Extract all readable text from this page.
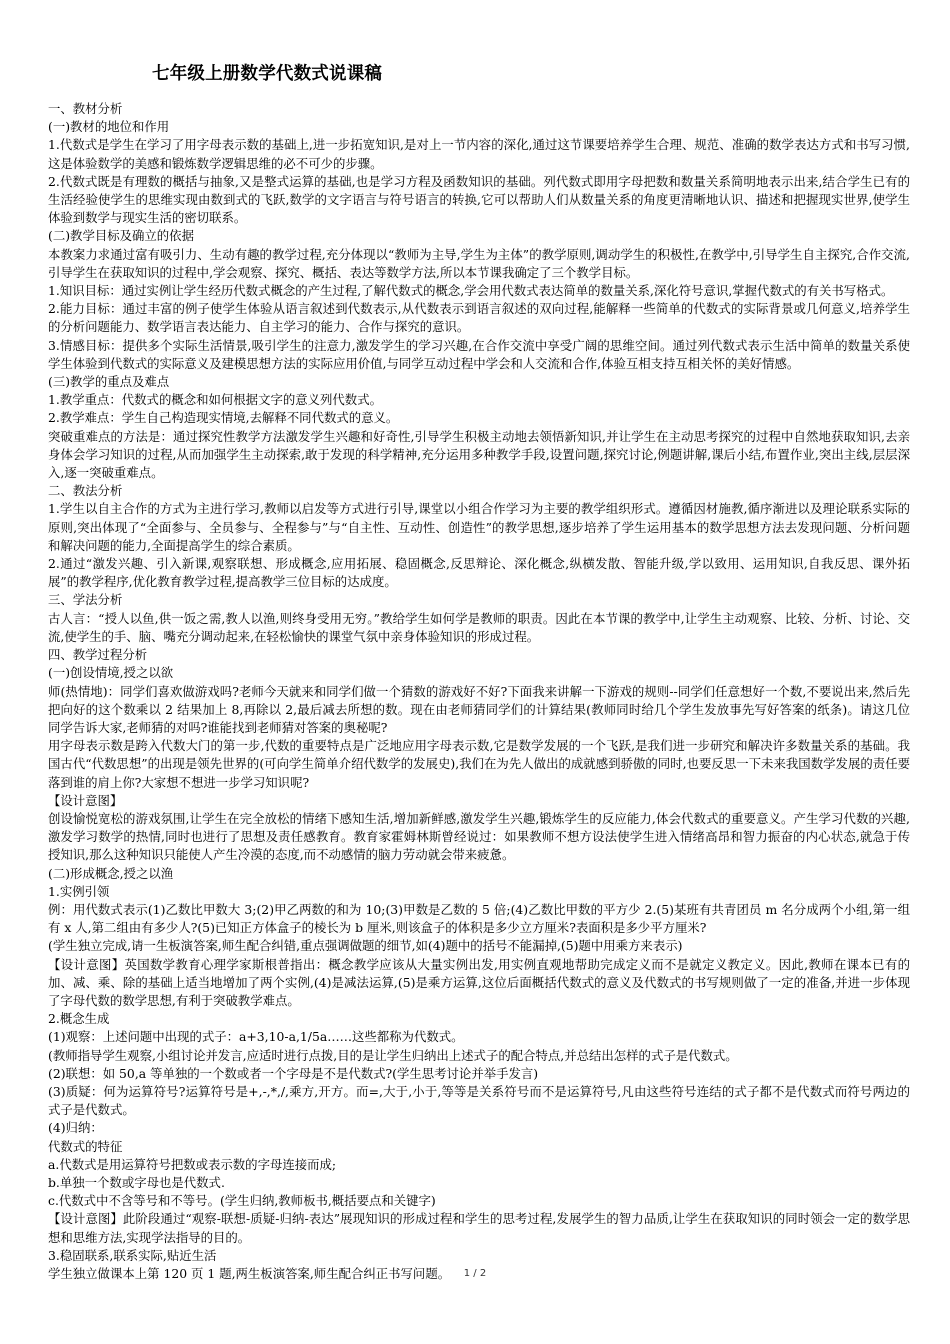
七年级上册数学代数式说课稿

一、教材分析

(一)教材的地位和作用

1.代数式是学生在学习了用字母表示数的基础上,进一步拓宽知识,是对上一节内容的深化,通过这节课要培养学生合理、规范、准确的数学表达方式和书写习惯,这是体验数学的美感和锻炼数学逻辑思维的必不可少的步骤。

2.代数式既是有理数的概括与抽象,又是整式运算的基础,也是学习方程及函数知识的基础。列代数式即用字母把数和数量关系简明地表示出来,结合学生已有的生活经验使学生的思维实现由数到式的飞跃,数学的文字语言与符号语言的转换,它可以帮助人们从数量关系的角度更清晰地认识、描述和把握现实世界,使学生体验到数学与现实生活的密切联系。

(二)教学目标及确立的依据

本教案力求通过富有吸引力、生动有趣的教学过程,充分体现以“教师为主导,学生为主体”的教学原则,调动学生的积极性,在教学中,引导学生自主探究,合作交流,引导学生在获取知识的过程中,学会观察、探究、概括、表达等数学方法,所以本节课我确定了三个教学目标。

1.知识目标：通过实例让学生经历代数式概念的产生过程,了解代数式的概念,学会用代数式表达简单的数量关系,深化符号意识,掌握代数式的有关书写格式。

2.能力目标：通过丰富的例子使学生体验从语言叙述到代数表示,从代数表示到语言叙述的双向过程,能解释一些简单的代数式的实际背景或几何意义,培养学生的分析问题能力、数学语言表达能力、自主学习的能力、合作与探究的意识。

3.情感目标：提供多个实际生活情景,吸引学生的注意力,激发学生的学习兴趣,在合作交流中享受广阔的思维空间。通过列代数式表示生活中简单的数量关系使学生体验到代数式的实际意义及建模思想方法的实际应用价值,与同学互动过程中学会和人交流和合作,体验互相支持互相关怀的美好情感。

(三)教学的重点及难点

1.教学重点：代数式的概念和如何根据文字的意义列代数式。

2.教学难点：学生自己构造现实情境,去解释不同代数式的意义。

突破重难点的方法是：通过探究性教学方法激发学生兴趣和好奇性,引导学生积极主动地去领悟新知识,并让学生在主动思考探究的过程中自然地获取知识,去亲身体会学习知识的过程,从而加强学生主动探索,敢于发现的科学精神,充分运用多种教学手段,设置问题,探究讨论,例题讲解,课后小结,布置作业,突出主线,层层深入,逐一突破重难点。

二、教法分析

1.学生以自主合作的方式为主进行学习,教师以启发等方式进行引导,课堂以小组合作学习为主要的教学组织形式。遵循因材施教,循序渐进以及理论联系实际的原则,突出体现了“全面参与、全员参与、全程参与”与“自主性、互动性、创造性”的教学思想,逐步培养了学生运用基本的数学思想方法去发现问题、分析问题和解决问题的能力,全面提高学生的综合素质。

2.通过“激发兴趣、引入新课,观察联想、形成概念,应用拓展、稳固概念,反思辩论、深化概念,纵横发散、智能升级,学以致用、运用知识,自我反思、课外拓展”的教学程序,优化教育教学过程,提高教学三位目标的达成度。

三、学法分析

古人言：“授人以鱼,供一饭之需,教人以渔,则终身受用无穷。”教给学生如何学是教师的职责。因此在本节课的教学中,让学生主动观察、比较、分析、讨论、交流,使学生的手、脑、嘴充分调动起来,在轻松愉快的课堂气氛中亲身体验知识的形成过程。

四、教学过程分析

(一)创设情境,授之以欲

师(热情地)：同学们喜欢做游戏吗?老师今天就来和同学们做一个猜数的游戏好不好?下面我来讲解一下游戏的规则--同学们任意想好一个数,不要说出来,然后先把向好的这个数乘以 2 结果加上 8,再除以 2,最后减去所想的数。现在由老师猜同学们的计算结果(教师同时给几个学生发放事先写好答案的纸条)。请这几位同学告诉大家,老师猜的对吗?谁能找到老师猜对答案的奥秘呢?

用字母表示数是跨入代数大门的第一步,代数的重要特点是广泛地应用字母表示数,它是数学发展的一个飞跃,是我们进一步研究和解决许多数量关系的基础。我国古代“代数思想”的出现是领先世界的(可向学生简单介绍代数学的发展史),我们在为先人做出的成就感到骄傲的同时,也要反思一下未来我国数学发展的责任要落到谁的肩上你?大家想不想进一步学习知识呢?

【设计意图】

创设愉悦宽松的游戏氛围,让学生在完全放松的情绪下感知生活,增加新鲜感,激发学生兴趣,锻炼学生的反应能力,体会代数式的重要意义。产生学习代数的兴趣,激发学习数学的热情,同时也进行了思想及责任感教育。教育家霍姆林斯曾经说过：如果教师不想方设法使学生进入情绪高昂和智力振奋的内心状态,就急于传授知识,那么这种知识只能使人产生冷漠的态度,而不动感情的脑力劳动就会带来疲惫。

(二)形成概念,授之以渔

1.实例引领

例：用代数式表示(1)乙数比甲数大 3;(2)甲乙两数的和为 10;(3)甲数是乙数的 5 倍;(4)乙数比甲数的平方少 2.(5)某班有共青团员 m 名分成两个小组,第一组有 x 人,第二组由有多少人?(5)已知正方体盒子的棱长为 b 厘米,则该盒子的体积是多少立方厘米?表面积是多少平方厘米?

(学生独立完成,请一生板演答案,师生配合纠错,重点强调做题的细节,如(4)题中的括号不能漏掉,(5)题中用乘方来表示)

【设计意图】英国数学教育心理学家斯根普指出：概念教学应该从大量实例出发,用实例直观地帮助完成定义而不是就定义教定义。因此,教师在课本已有的加、减、乘、除的基础上适当地增加了两个实例,(4)是减法运算,(5)是乘方运算,这位后面概括代数式的意义及代数式的书写规则做了一定的准备,并进一步体现了字母代数的数学思想,有利于突破教学难点。

2.概念生成

(1)观察：上述问题中出现的式子：a+3,10-a,1/5a……这些都称为代数式。

(教师指导学生观察,小组讨论并发言,应适时进行点拨,目的是让学生归纳出上述式子的配合特点,并总结出怎样的式子是代数式。

(2)联想：如 50,a 等单独的一个数或者一个字母是不是代数式?(学生思考讨论并举手发言)

(3)质疑：何为运算符号?运算符号是+,-,*,/,乘方,开方。而=,大于,小于,等等是关系符号而不是运算符号,凡由这些符号连结的式子都不是代数式而符号两边的式子是代数式。

(4)归纳：

代数式的特征

a.代数式是用运算符号把数或表示数的字母连接而成;

b.单独一个数或字母也是代数式.

c.代数式中不含等号和不等号。(学生归纳,教师板书,概括要点和关键字)

【设计意图】此阶段通过“观察-联想-质疑-归纳-表达”展现知识的形成过程和学生的思考过程,发展学生的智力品质,让学生在获取知识的同时领会一定的数学思想和思维方法,实现学法指导的目的。

3.稳固联系,联系实际,贴近生活

学生独立做课本上第 120 页 1 题,两生板演答案,师生配合纠正书写问题。	1 / 2
